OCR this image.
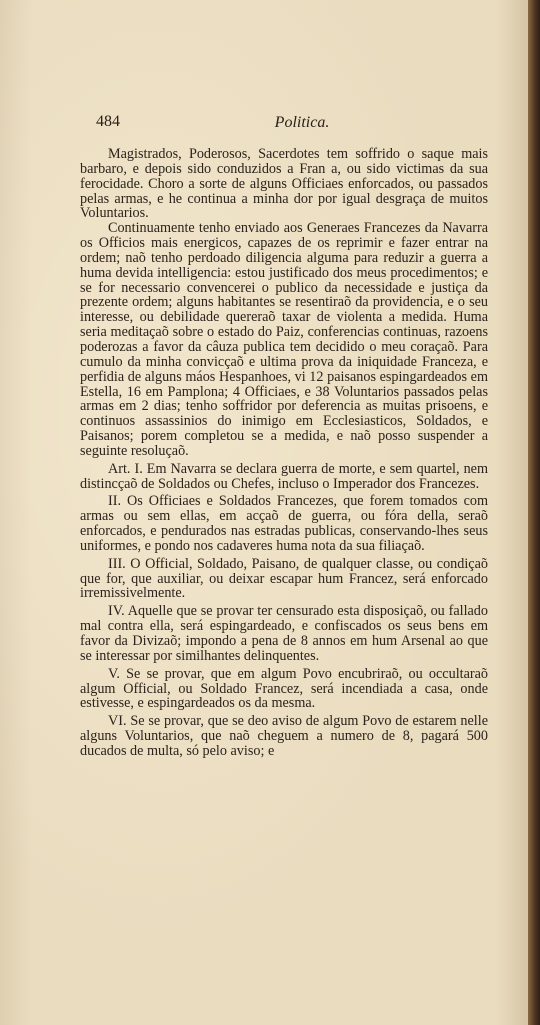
484	Politica.

Magistrados, Poderosos, Sacerdotes tem soffrido o saque mais barbaro, e depois sido conduzidos a Fran a, ou sido victimas da sua ferocidade. Choro a sorte de alguns Officiaes enforcados, ou passados pelas armas, e he continua a minha dor por igual desgraça de muitos Voluntarios.

Continuamente tenho enviado aos Generaes Francezes da Navarra os Officios mais energicos, capazes de os reprimir e fazer entrar na ordem; naõ tenho perdoado diligencia alguma para reduzir a guerra a huma devida intelligencia: estou justificado dos meus procedimentos; e se for necessario convencerei o publico da necessidade e justiça da prezente ordem; alguns habitantes se resentiraõ da providencia, e o seu interesse, ou debilidade quereraõ taxar de violenta a medida. Huma seria meditaçaõ sobre o estado do Paiz, conferencias continuas, razoens poderozas a favor da câuza publica tem decidido o meu coraçaõ. Para cumulo da minha convicçaõ e ultima prova da iniquidade Franceza, e perfidia de alguns máos Hespanhoes, vi 12 paisanos espingardeados em Estella, 16 em Pamplona; 4 Officiaes, e 38 Voluntarios passados pelas armas em 2 dias; tenho soffridor por deferencia as muitas prisoens, e continuos assassinios do inimigo em Ecclesiasticos, Soldados, e Paisanos; porem completou se a medida, e naõ posso suspender a seguinte resoluçaõ.

Art. I. Em Navarra se declara guerra de morte, e sem quartel, nem distincçaõ de Soldados ou Chefes, incluso o Imperador dos Francezes.

II. Os Officiaes e Soldados Francezes, que forem tomados com armas ou sem ellas, em acçaõ de guerra, ou fóra della, seraõ enforcados, e pendurados nas estradas publicas, conservando-lhes seus uniformes, e pondo nos cadaveres huma nota da sua filiaçaõ.

III. O Official, Soldado, Paisano, de qualquer classe, ou condiçaõ que for, que auxiliar, ou deixar escapar hum Francez, será enforcado irremissivelmente.

IV. Aquelle que se provar ter censurado esta disposiçaõ, ou fallado mal contra ella, será espingardeado, e confiscados os seus bens em favor da Divizaõ; impondo a pena de 8 annos em hum Arsenal ao que se interessar por similhantes delinquentes.

V. Se se provar, que em algum Povo encubriraõ, ou occultaraõ algum Official, ou Soldado Francez, será incendiada a casa, onde estivesse, e espingardeados os da mesma.

VI. Se se provar, que se deo aviso de algum Povo de estarem nelle alguns Voluntarios, que naõ cheguem a numero de 8, pagará 500 ducados de multa, só pelo aviso; e
